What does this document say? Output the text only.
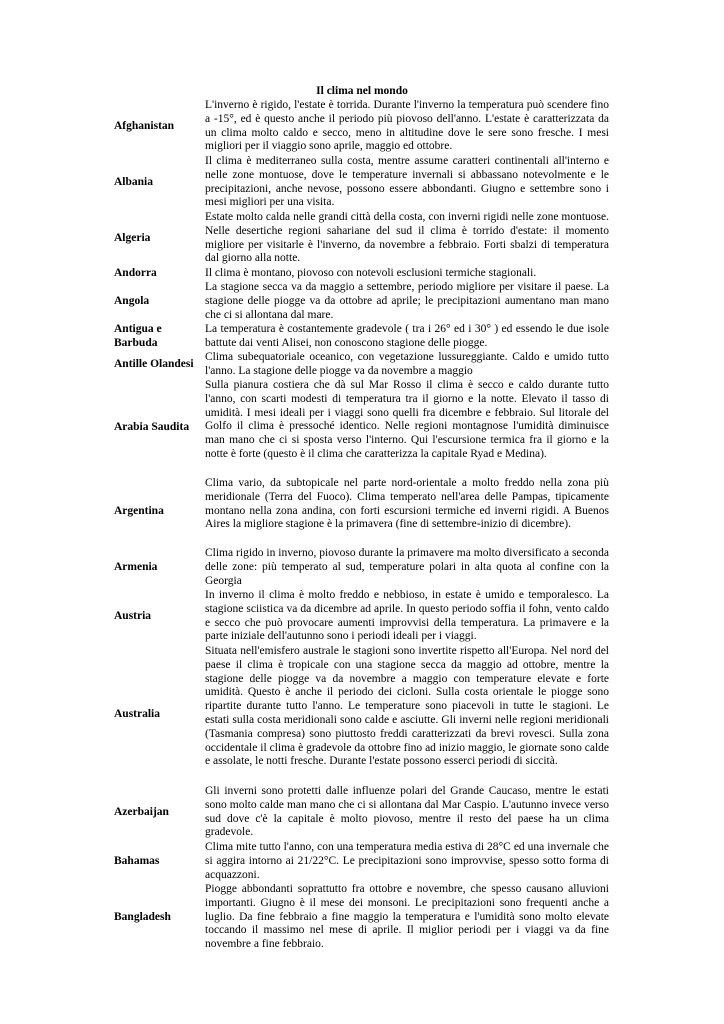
Il clima nel mondo
Afghanistan
L'inverno è rigido, l'estate è torrida. Durante l'inverno la temperatura può scendere fino a -15°, ed è questo anche il periodo più piovoso dell'anno. L'estate è caratterizzata da un clima molto caldo e secco, meno in altitudine dove le sere sono fresche. I mesi migliori per il viaggio sono aprile, maggio ed ottobre.
Albania
Il clima è mediterraneo sulla costa, mentre assume caratteri continentali all'interno e nelle zone montuose, dove le temperature invernali si abbassano notevolmente e le precipitazioni, anche nevose, possono essere abbondanti. Giugno e settembre sono i mesi migliori per una visita.
Algeria
Estate molto calda nelle grandi città della costa, con inverni rigidi nelle zone montuose. Nelle desertiche regioni sahariane del sud il clima è torrido d'estate: il momento migliore per visitarle è l'inverno, da novembre a febbraio. Forti sbalzi di temperatura dal giorno alla notte.
Andorra	Il clima è montano, piovoso con notevoli esclusioni termiche stagionali.
Angola
La stagione secca va da maggio a settembre, periodo migliore per visitare il paese. La stagione delle piogge va da ottobre ad aprile; le precipitazioni aumentano man mano che ci si allontana dal mare.
Antigua e Barbuda
La temperatura è costantemente gradevole ( tra i 26° ed i 30° ) ed essendo le due isole battute dai venti Alisei, non conoscono stagione delle piogge.
Antille Olandesi
Clima subequatoriale oceanico, con vegetazione lussureggiante. Caldo e umido tutto l'anno. La stagione delle piogge va da novembre a maggio
Arabia Saudita
Sulla pianura costiera che dà sul Mar Rosso il clima è secco e caldo durante tutto l'anno, con scarti modesti di temperatura tra il giorno e la notte. Elevato il tasso di umidità. I mesi ideali per i viaggi sono quelli fra dicembre e febbraio. Sul litorale del Golfo il clima è pressoché identico. Nelle regioni montagnose l'umidità diminuisce man mano che ci si sposta verso l'interno. Qui l'escursione termica fra il giorno e la notte è forte (questo è il clima che caratterizza la capitale Ryad e Medina).
Argentina
Clima vario, da subtopicale nel parte nord-orientale a molto freddo nella zona più meridionale (Terra del Fuoco). Clima temperato nell'area delle Pampas, tipicamente montano nella zona andina, con forti escursioni termiche ed inverni rigidi. A Buenos Aires la migliore stagione è la primavera (fine di settembre-inizio di dicembre).
Armenia
Clima rigido in inverno, piovoso durante la primavere ma molto diversificato a seconda delle zone: più temperato al sud, temperature polari in alta quota al confine con la Georgia
Austria
In inverno il clima è molto freddo e nebbioso, in estate è umido e temporalesco. La stagione sciistica va da dicembre ad aprile. In questo periodo soffia il fohn, vento caldo e secco che può provocare aumenti improvvisi della temperatura. La primavere e la parte iniziale dell'autunno sono i periodi ideali per i viaggi.
Australia
Situata nell'emisfero australe le stagioni sono invertite rispetto all'Europa. Nel nord del paese il clima è tropicale con una stagione secca da maggio ad ottobre, mentre la stagione delle piogge va da novembre a maggio con temperature elevate e forte umidità. Questo è anche il periodo dei cicloni. Sulla costa orientale le piogge sono ripartite durante tutto l'anno. Le temperature sono piacevoli in tutte le stagioni. Le estati sulla costa meridionali sono calde e asciutte. Gli inverni nelle regioni meridionali (Tasmania compresa) sono piuttosto freddi caratterizzati da brevi rovesci. Sulla zona occidentale il clima è gradevole da ottobre fino ad inizio maggio, le giornate sono calde e assolate, le notti fresche. Durante l'estate possono esserci periodi di siccità.
Azerbaijan
Gli inverni sono protetti dalle influenze polari del Grande Caucaso, mentre le estati sono molto calde man mano che ci si allontana dal Mar Caspio. L'autunno invece verso sud dove c'è la capitale è molto piovoso, mentre il resto del paese ha un clima gradevole.
Bahamas
Clima mite tutto l'anno, con una temperatura media estiva di 28°C ed una invernale che si aggira intorno ai 21/22°C. Le precipitazioni sono improvvise, spesso sotto forma di acquazzoni.
Bangladesh
Piogge abbondanti soprattutto fra ottobre e novembre, che spesso causano alluvioni importanti. Giugno è il mese dei monsoni. Le precipitazioni sono frequenti anche a luglio. Da fine febbraio a fine maggio la temperatura e l'umidità sono molto elevate toccando il massimo nel mese di aprile. Il miglior periodi per i viaggi va da fine novembre a fine febbraio.
